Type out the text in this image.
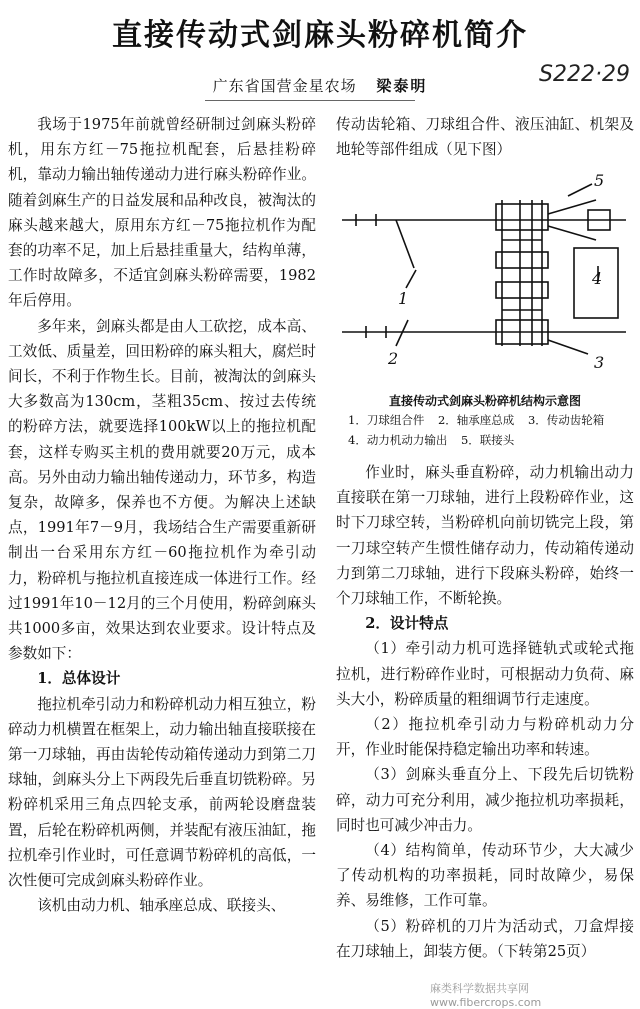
直接传动式剑麻头粉碎机简介
广东省国营金星农场 梁泰明	S222·29

我场于1975年前就曾经研制过剑麻头粉碎机，用东方红－75拖拉机配套，后悬挂粉碎机，靠动力输出轴传递动力进行麻头粉碎作业。随着剑麻生产的日益发展和品种改良，被淘汰的麻头越来越大，原用东方红－75拖拉机作为配套的功率不足，加上后悬挂重量大，结构单薄，工作时故障多，不适宜剑麻头粉碎需要，1982年后停用。

多年来，剑麻头都是由人工砍挖，成本高、工效低、质量差，回田粉碎的麻头粗大，腐烂时间长，不利于作物生长。目前，被淘汰的剑麻头大多数高为130cm，茎粗35cm、按过去传统的粉碎方法，就要选择100kW以上的拖拉机配套，这样专购买主机的费用就要20万元，成本高。另外由动力输出轴传递动力，环节多，构造复杂，故障多，保养也不方便。为解决上述缺点，1991年7－9月，我场结合生产需要重新研制出一台采用东方红－60拖拉机作为牵引动力，粉碎机与拖拉机直接连成一体进行工作。经过1991年10－12月的三个月使用，粉碎剑麻头共1000多亩，效果达到农业要求。设计特点及参数如下：

1．总体设计

拖拉机牵引动力和粉碎机动力相互独立，粉碎动力机横置在框架上，动力输出轴直接联接在第一刀球轴，再由齿轮传动箱传递动力到第二刀球轴，剑麻头分上下两段先后垂直切铣粉碎。另粉碎机采用三角点四轮支承，前两轮设磨盘装置，后轮在粉碎机两侧，并装配有液压油缸，拖拉机牵引作业时，可任意调节粉碎机的高低，一次性便可完成剑麻头粉碎作业。

该机由动力机、轴承座总成、联接头、

传动齿轮箱、刀球组合件、液压油缸、机架及地轮等部件组成（见下图）

1
2	3
4
5
直接传动式剑麻头粉碎机结构示意图
1．刀球组合件 2．轴承座总成 3．传动齿轮箱
4．动力机动力输出 5．联接头

作业时，麻头垂直粉碎，动力机输出动力直接联在第一刀球轴，进行上段粉碎作业，这时下刀球空转，当粉碎机向前切铣完上段，第一刀球空转产生惯性储存动力，传动箱传递动力到第二刀球轴，进行下段麻头粉碎，始终一个刀球轴工作，不断轮换。

2．设计特点

（1）牵引动力机可选择链轨式或轮式拖拉机，进行粉碎作业时，可根据动力负荷、麻头大小，粉碎质量的粗细调节行走速度。

（2）拖拉机牵引动力与粉碎机动力分开，作业时能保持稳定输出功率和转速。

（3）剑麻头垂直分上、下段先后切铣粉碎，动力可充分利用，减少拖拉机功率损耗，同时也可减少冲击力。

（4）结构简单，传动环节少，大大减少了传动机构的功率损耗，同时故障少，易保养、易维修，工作可靠。

（5）粉碎机的刀片为活动式，刀盒焊接在刀球轴上，卸装方便。（下转第25页）

麻类科学数据共享网 www.fibercrops.com
